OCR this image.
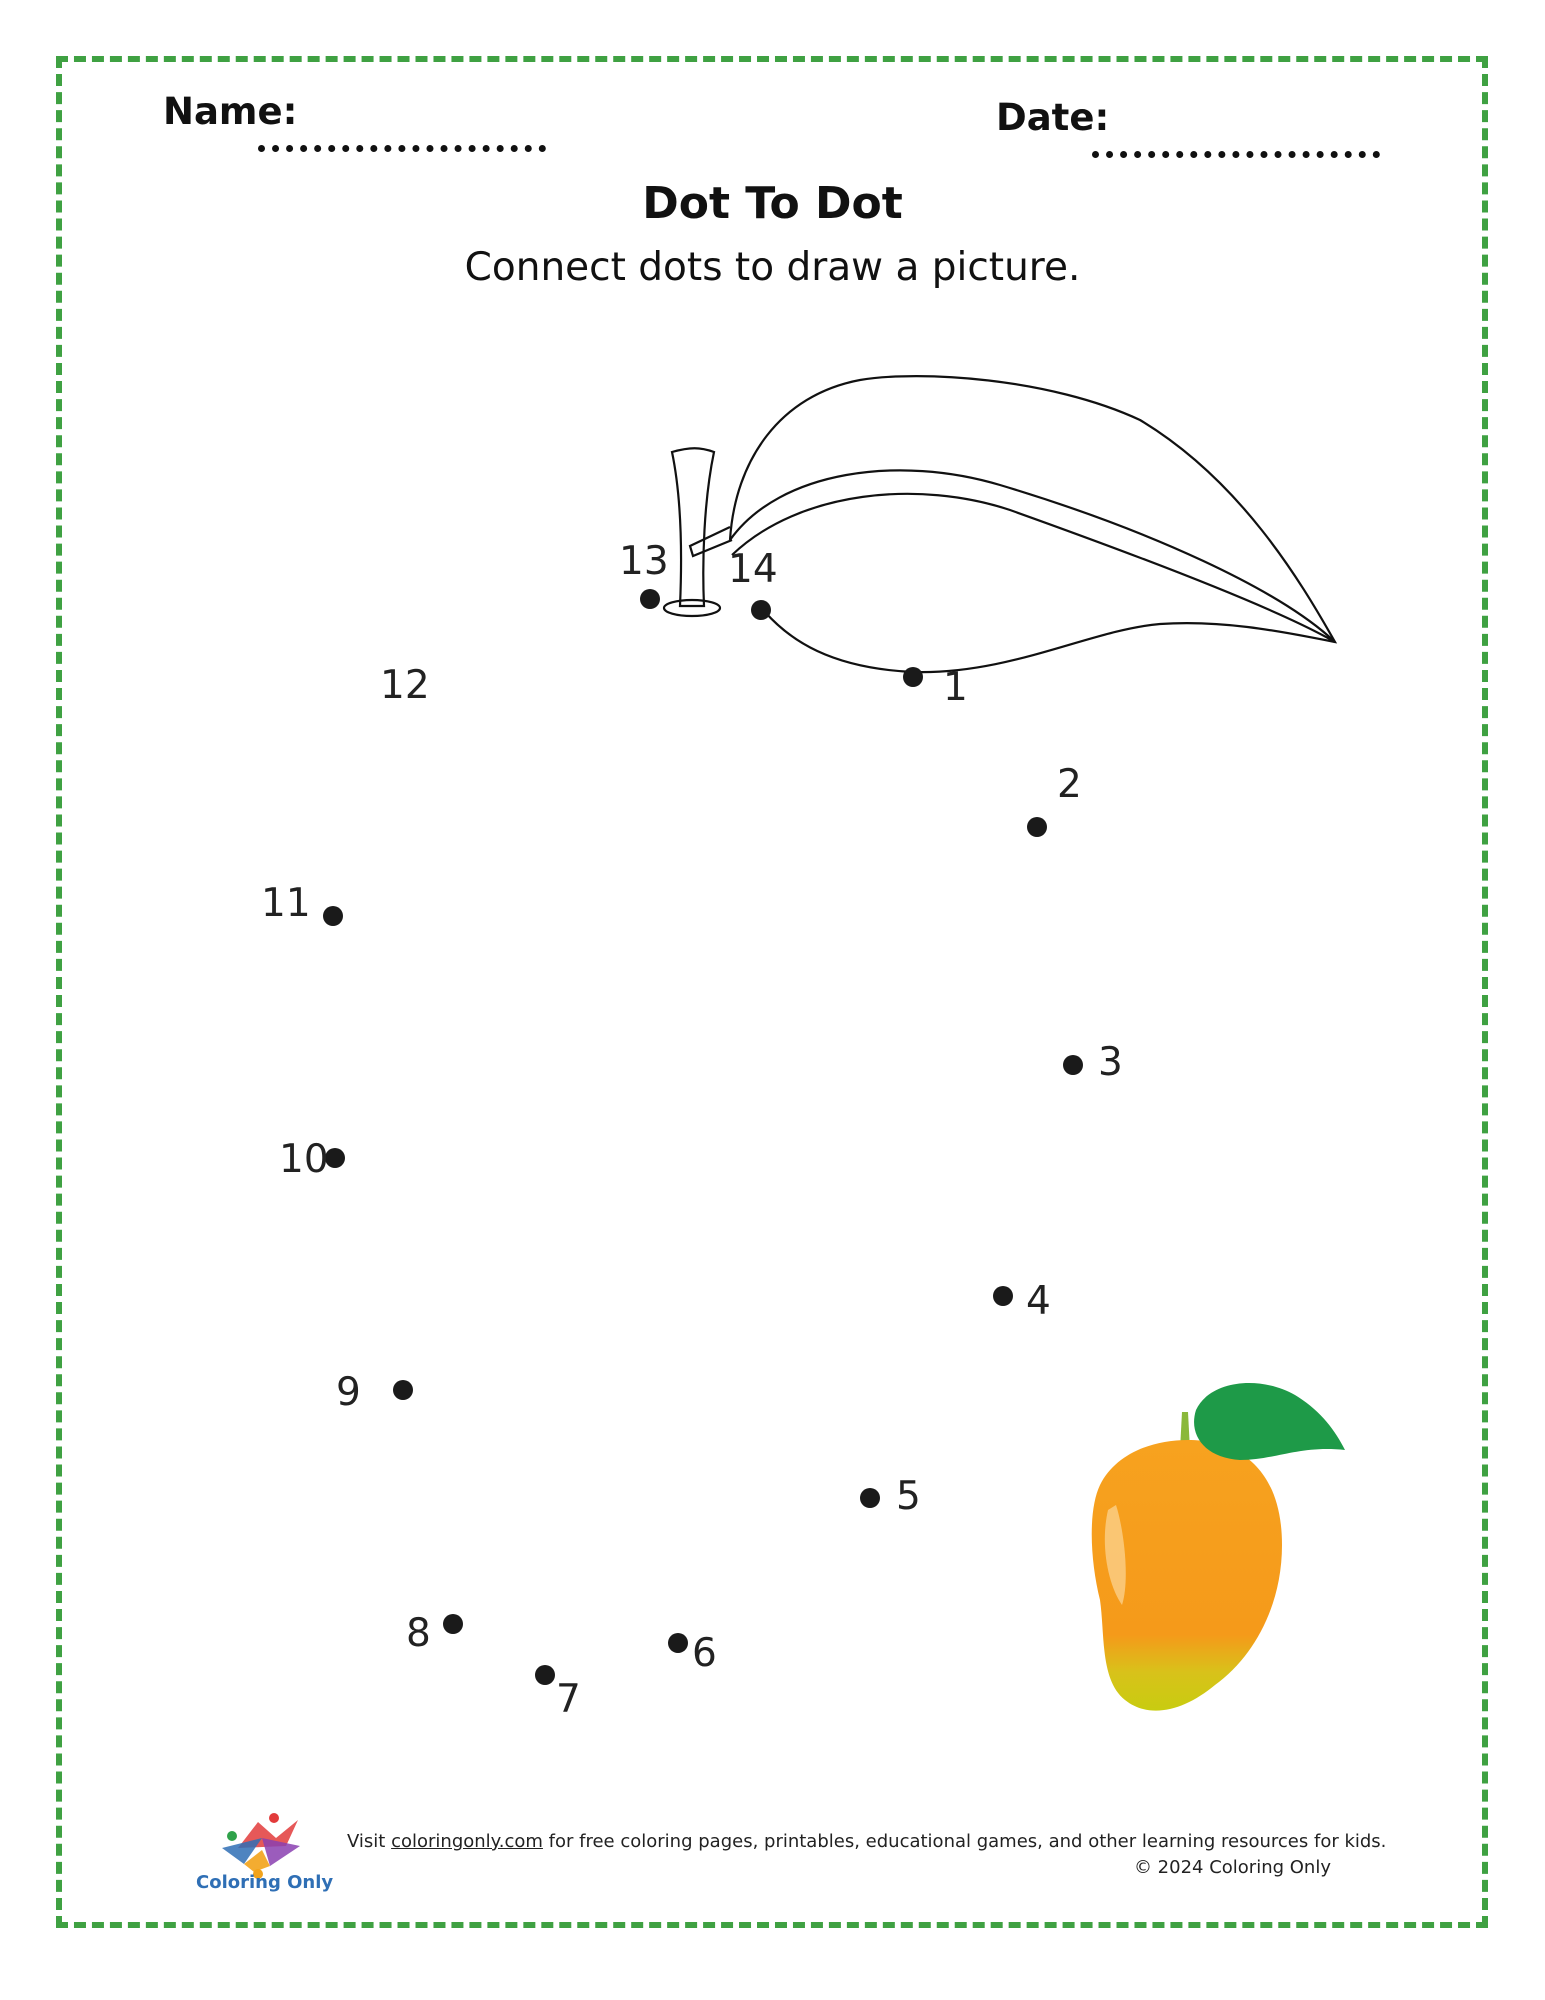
Name:	Date:
Dot To Dot
Connect dots to draw a picture.
1
2
3
4
5
6
7
8
9
10
11
12
13 14
Coloring Only
Visit coloringonly.com for free coloring pages, printables, educational games, and other learning resources for kids.
© 2024 Coloring Only
